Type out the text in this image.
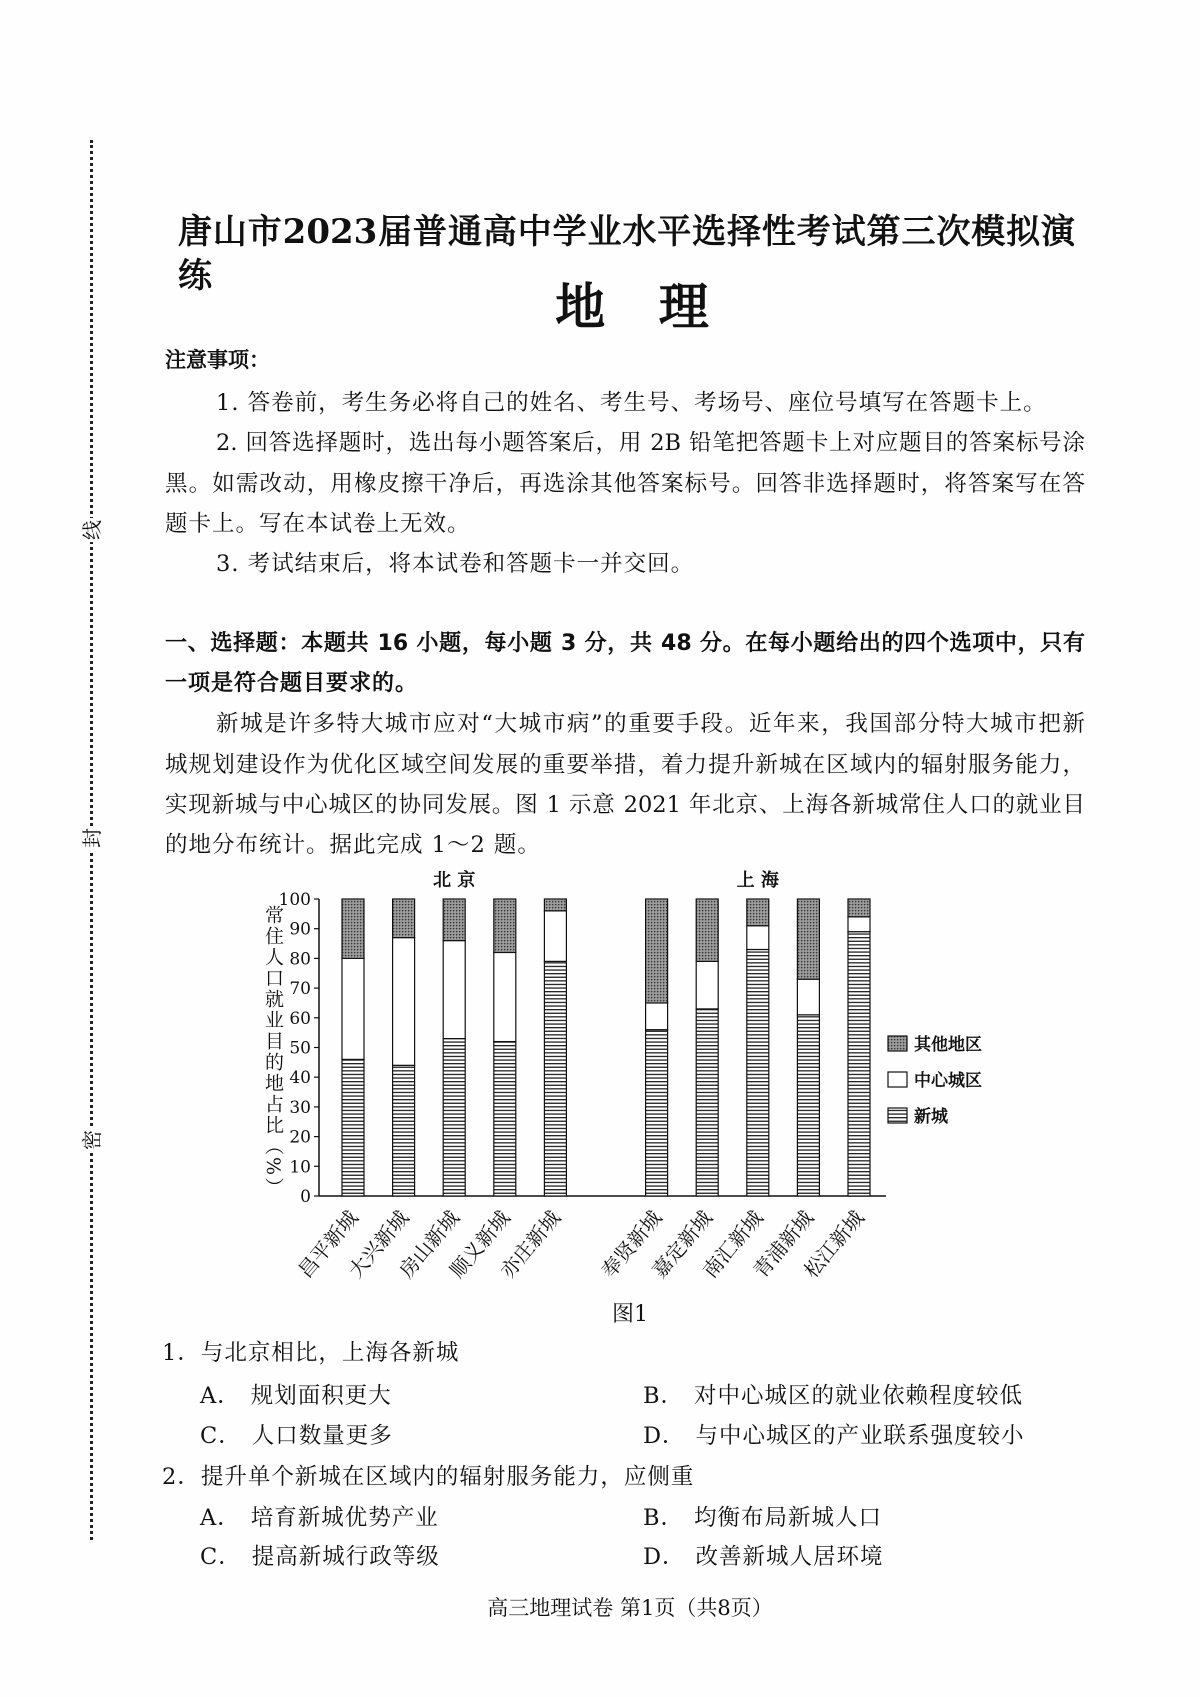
线
封
密
唐山市2023届普通高中学业水平选择性考试第三次模拟演练
地 理
注意事项：
1. 答卷前，考生务必将自己的姓名、考生号、考场号、座位号填写在答题卡上。
2. 回答选择题时，选出每小题答案后，用 2B 铅笔把答题卡上对应题目的答案标号涂
黑。如需改动，用橡皮擦干净后，再选涂其他答案标号。回答非选择题时，将答案写在答
题卡上。写在本试卷上无效。
3. 考试结束后，将本试卷和答题卡一并交回。
一、选择题：本题共 16 小题，每小题 3 分，共 48 分。在每小题给出的四个选项中，只有
一项是符合题目要求的。
新城是许多特大城市应对“大城市病”的重要手段。近年来，我国部分特大城市把新
城规划建设作为优化区域空间发展的重要举措，着力提升新城在区域内的辐射服务能力，
实现新城与中心城区的协同发展。图 1 示意 2021 年北京、上海各新城常住人口的就业目
的地分布统计。据此完成 1～2 题。
北 京	上 海
0
10
20
30
40
50
60
70
80
90
100
昌平新城
大兴新城
房山新城
顺义新城
亦庄新城 奉贤新城
嘉定新城
南汇新城
青浦新城
松江新城
其他地区
中心城区
新城
常住人口就业目的地占比（%）
图1
1．与北京相比，上海各新城
A． 规划面积更大	B． 对中心城区的就业依赖程度较低
C． 人口数量更多	D． 与中心城区的产业联系强度较小
2．提升单个新城在区域内的辐射服务能力，应侧重
A． 培育新城优势产业	B． 均衡布局新城人口
C． 提高新城行政等级	D． 改善新城人居环境
高三地理试卷 第1页（共8页）
